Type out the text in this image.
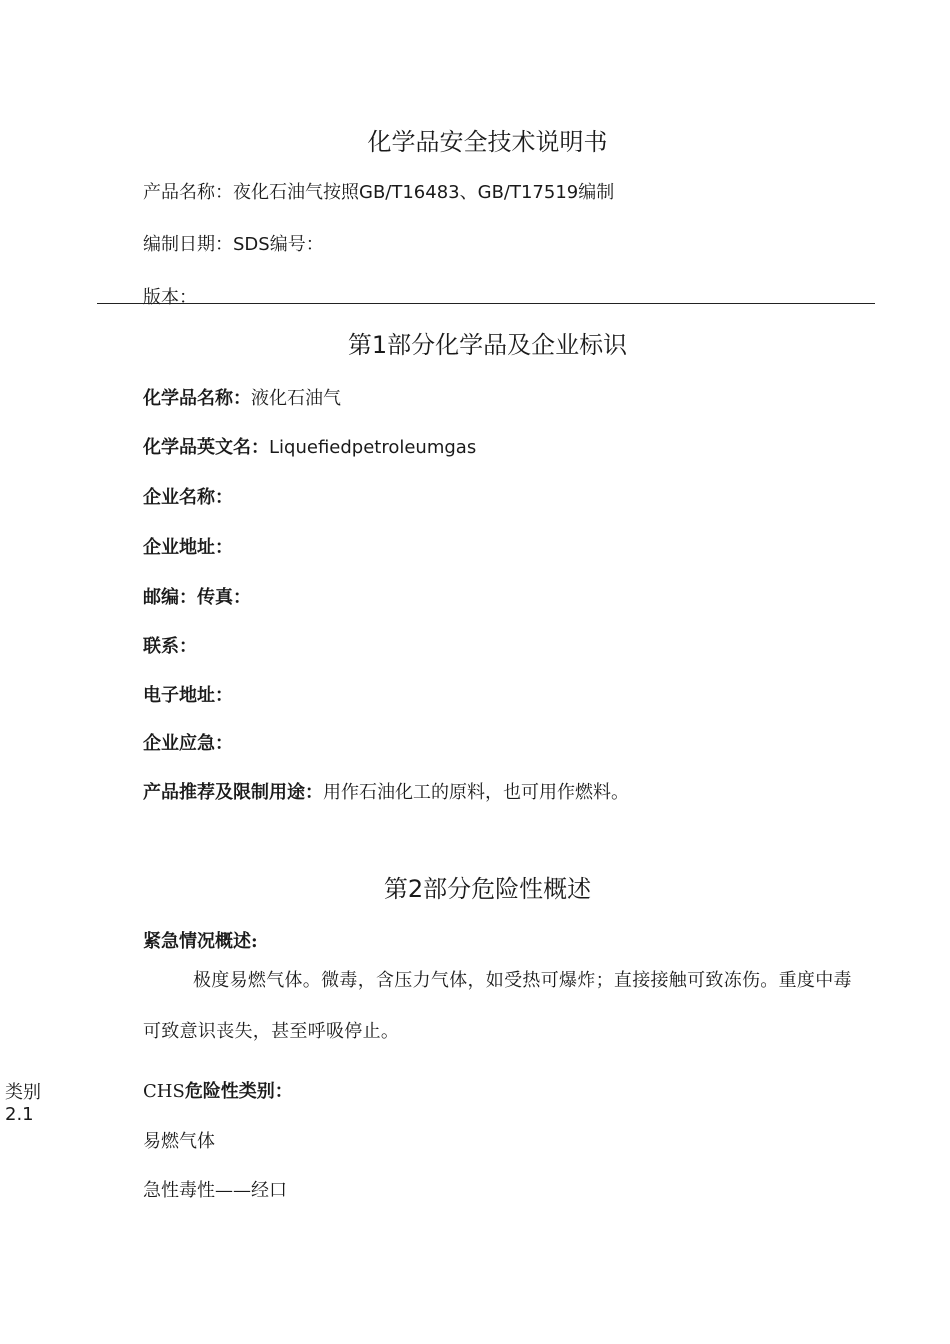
化学品安全技术说明书
产品名称：夜化石油气按照GB/T16483、GB/T17519编制
编制日期：SDS编号：
版本：
第1部分化学品及企业标识
化学品名称：液化石油气
化学品英文名：Liquefiedpetroleumgas
企业名称：
企业地址：
邮编：传真：
联系：
电子地址：
企业应急：
产品推荐及限制用途：用作石油化工的原料，也可用作燃料。
第2部分危险性概述
紧急情况概述:
极度易燃气体。微毒，含压力气体，如受热可爆炸；直接接触可致冻伤。重度中毒可致意识丧失，甚至呼吸停止。
类别
2.1
CHS危险性类别：
易燃气体
急性毒性——经口
